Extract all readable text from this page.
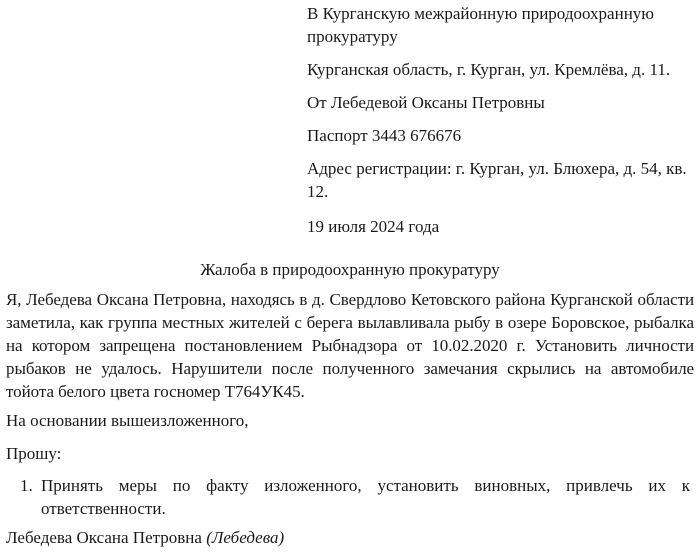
В Курганскую межрайонную природоохранную прокуратуру

Курганская область, г. Курган, ул. Кремлёва, д. 11.

От Лебедевой Оксаны Петровны

Паспорт 3443 676676

Адрес регистрации: г. Курган, ул. Блюхера, д. 54, кв. 12.

19 июля 2024 года

Жалоба в природоохранную прокуратуру
Я, Лебедева Оксана Петровна, находясь в д. Свердлово Кетовского района Курганской области заметила, как группа местных жителей с берега вылавливала рыбу в озере Боровское, рыбалка на котором запрещена постановлением Рыбнадзора от 10.02.2020 г. Установить личности рыбаков не удалось. Нарушители после полученного замечания скрылись на автомобиле тойота белого цвета госномер Т764УК45.
На основании вышеизложенного,
Прошу:
1. Принять меры по факту изложенного, установить виновных, привлечь их к ответственности.
Лебедева Оксана Петровна (Лебедева)
